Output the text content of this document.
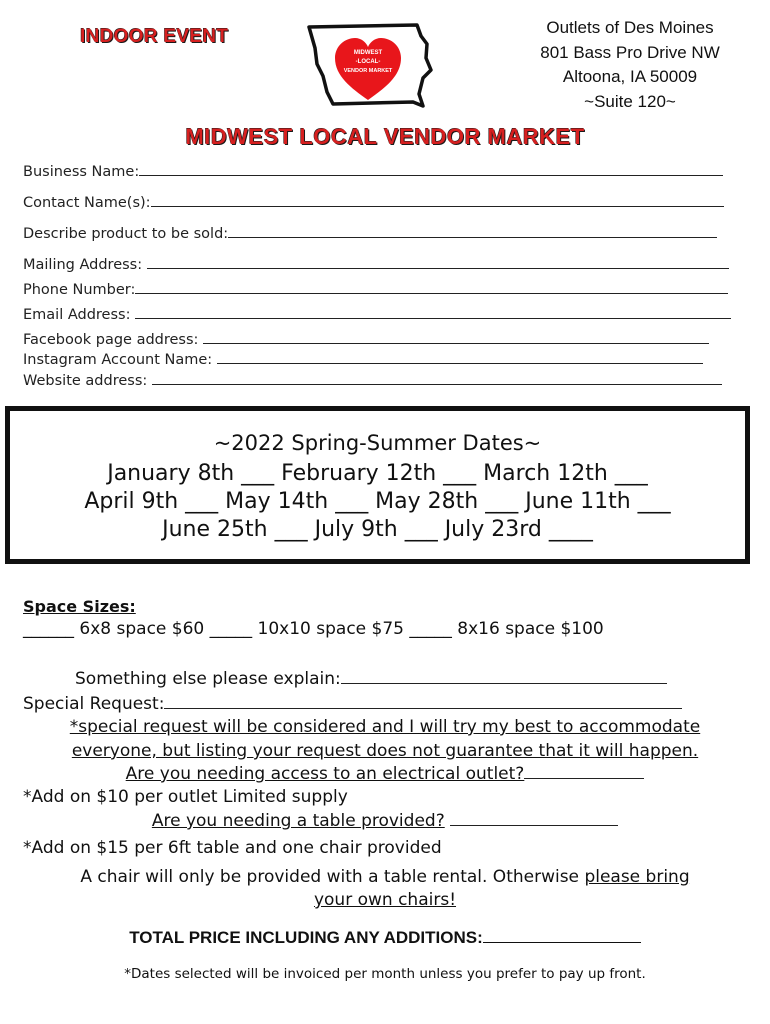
INDOOR EVENT
MIDWEST
-LOCAL-
VENDOR MARKET
Outlets of Des Moines
801 Bass Pro Drive NW
Altoona, IA 50009
~Suite 120~
MIDWEST LOCAL VENDOR MARKET
Business Name:
Contact Name(s):
Describe product to be sold:
Mailing Address:
Phone Number:
Email Address:
Facebook page address:
Instagram Account Name:
Website address:
~2022 Spring-Summer Dates~
January 8th ___ February 12th ___ March 12th ___
April 9th ___ May 14th ___ May 28th ___ June 11th ___
June 25th ___ July 9th ___ July 23rd ____
Space Sizes:
______ 6x8 space $60 _____ 10x10 space $75 _____ 8x16 space $100
Something else please explain:
Special Request:
*special request will be considered and I will try my best to accommodate
everyone, but listing your request does not guarantee that it will happen.
Are you needing access to an electrical outlet?
*Add on $10 per outlet Limited supply
Are you needing a table provided?
*Add on $15 per 6ft table and one chair provided
A chair will only be provided with a table rental. Otherwise please bring
your own chairs!
TOTAL PRICE INCLUDING ANY ADDITIONS:
*Dates selected will be invoiced per month unless you prefer to pay up front.
